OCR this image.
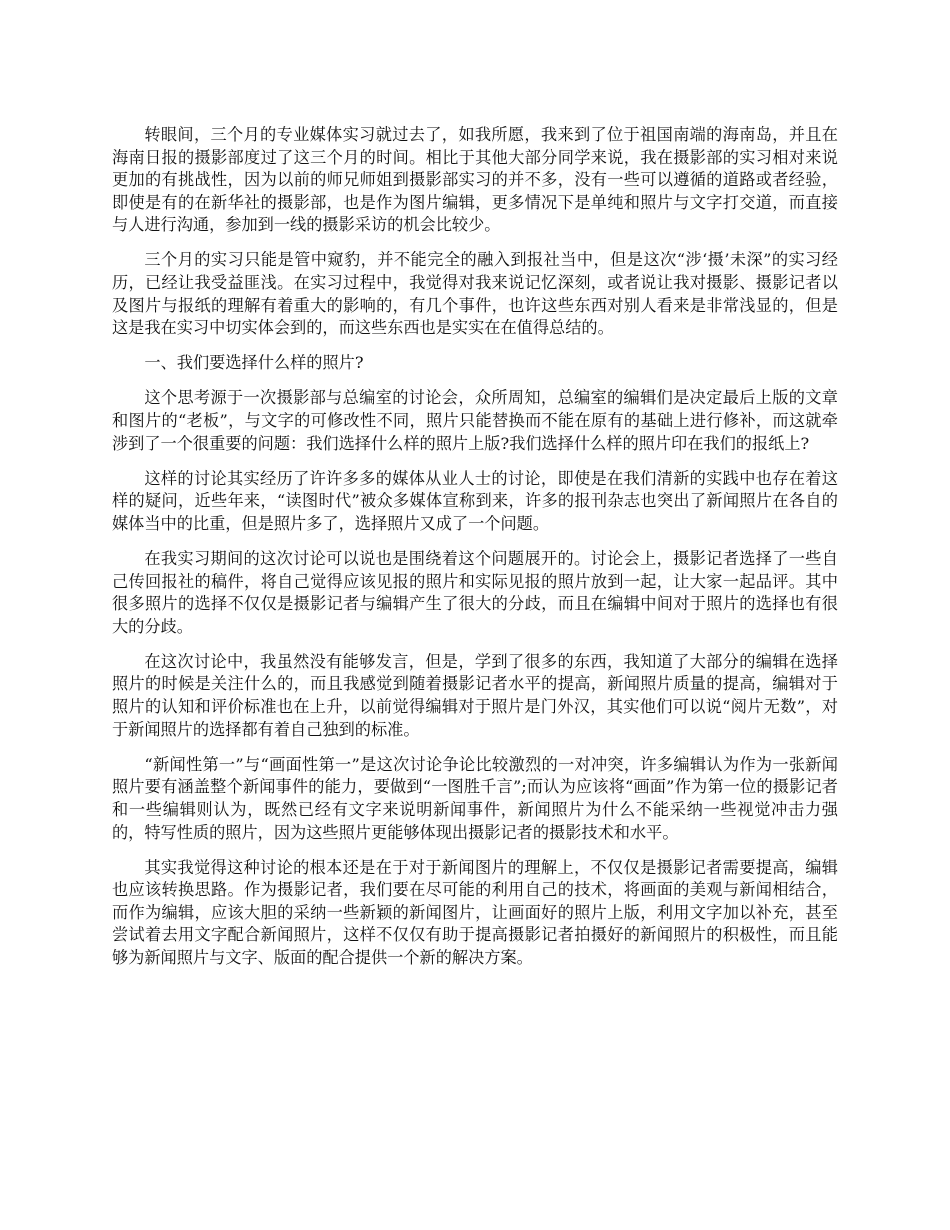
转眼间，三个月的专业媒体实习就过去了，如我所愿，我来到了位于祖国南端的海南岛，并且在海南日报的摄影部度过了这三个月的时间。相比于其他大部分同学来说，我在摄影部的实习相对来说更加的有挑战性，因为以前的师兄师姐到摄影部实习的并不多，没有一些可以遵循的道路或者经验，即使是有的在新华社的摄影部，也是作为图片编辑，更多情况下是单纯和照片与文字打交道，而直接与人进行沟通，参加到一线的摄影采访的机会比较少。

三个月的实习只能是管中窥豹，并不能完全的融入到报社当中，但是这次“涉‘摄’未深”的实习经历，已经让我受益匪浅。在实习过程中，我觉得对我来说记忆深刻，或者说让我对摄影、摄影记者以及图片与报纸的理解有着重大的影响的，有几个事件，也许这些东西对别人看来是非常浅显的，但是这是我在实习中切实体会到的，而这些东西也是实实在在值得总结的。

一、我们要选择什么样的照片?

这个思考源于一次摄影部与总编室的讨论会，众所周知，总编室的编辑们是决定最后上版的文章和图片的“老板”，与文字的可修改性不同，照片只能替换而不能在原有的基础上进行修补，而这就牵涉到了一个很重要的问题：我们选择什么样的照片上版?我们选择什么样的照片印在我们的报纸上?

这样的讨论其实经历了许许多多的媒体从业人士的讨论，即使是在我们清新的实践中也存在着这样的疑问，近些年来，“读图时代”被众多媒体宣称到来，许多的报刊杂志也突出了新闻照片在各自的媒体当中的比重，但是照片多了，选择照片又成了一个问题。

在我实习期间的这次讨论可以说也是围绕着这个问题展开的。讨论会上，摄影记者选择了一些自己传回报社的稿件，将自己觉得应该见报的照片和实际见报的照片放到一起，让大家一起品评。其中很多照片的选择不仅仅是摄影记者与编辑产生了很大的分歧，而且在编辑中间对于照片的选择也有很大的分歧。

在这次讨论中，我虽然没有能够发言，但是，学到了很多的东西，我知道了大部分的编辑在选择照片的时候是关注什么的，而且我感觉到随着摄影记者水平的提高，新闻照片质量的提高，编辑对于照片的认知和评价标准也在上升，以前觉得编辑对于照片是门外汉，其实他们可以说“阅片无数”，对于新闻照片的选择都有着自己独到的标准。

“新闻性第一”与“画面性第一”是这次讨论争论比较激烈的一对冲突，许多编辑认为作为一张新闻照片要有涵盖整个新闻事件的能力，要做到“一图胜千言”;而认为应该将“画面”作为第一位的摄影记者和一些编辑则认为，既然已经有文字来说明新闻事件，新闻照片为什么不能采纳一些视觉冲击力强的，特写性质的照片，因为这些照片更能够体现出摄影记者的摄影技术和水平。

其实我觉得这种讨论的根本还是在于对于新闻图片的理解上，不仅仅是摄影记者需要提高，编辑也应该转换思路。作为摄影记者，我们要在尽可能的利用自己的技术，将画面的美观与新闻相结合，而作为编辑，应该大胆的采纳一些新颖的新闻图片，让画面好的照片上版，利用文字加以补充，甚至尝试着去用文字配合新闻照片，这样不仅仅有助于提高摄影记者拍摄好的新闻照片的积极性，而且能够为新闻照片与文字、版面的配合提供一个新的解决方案。
